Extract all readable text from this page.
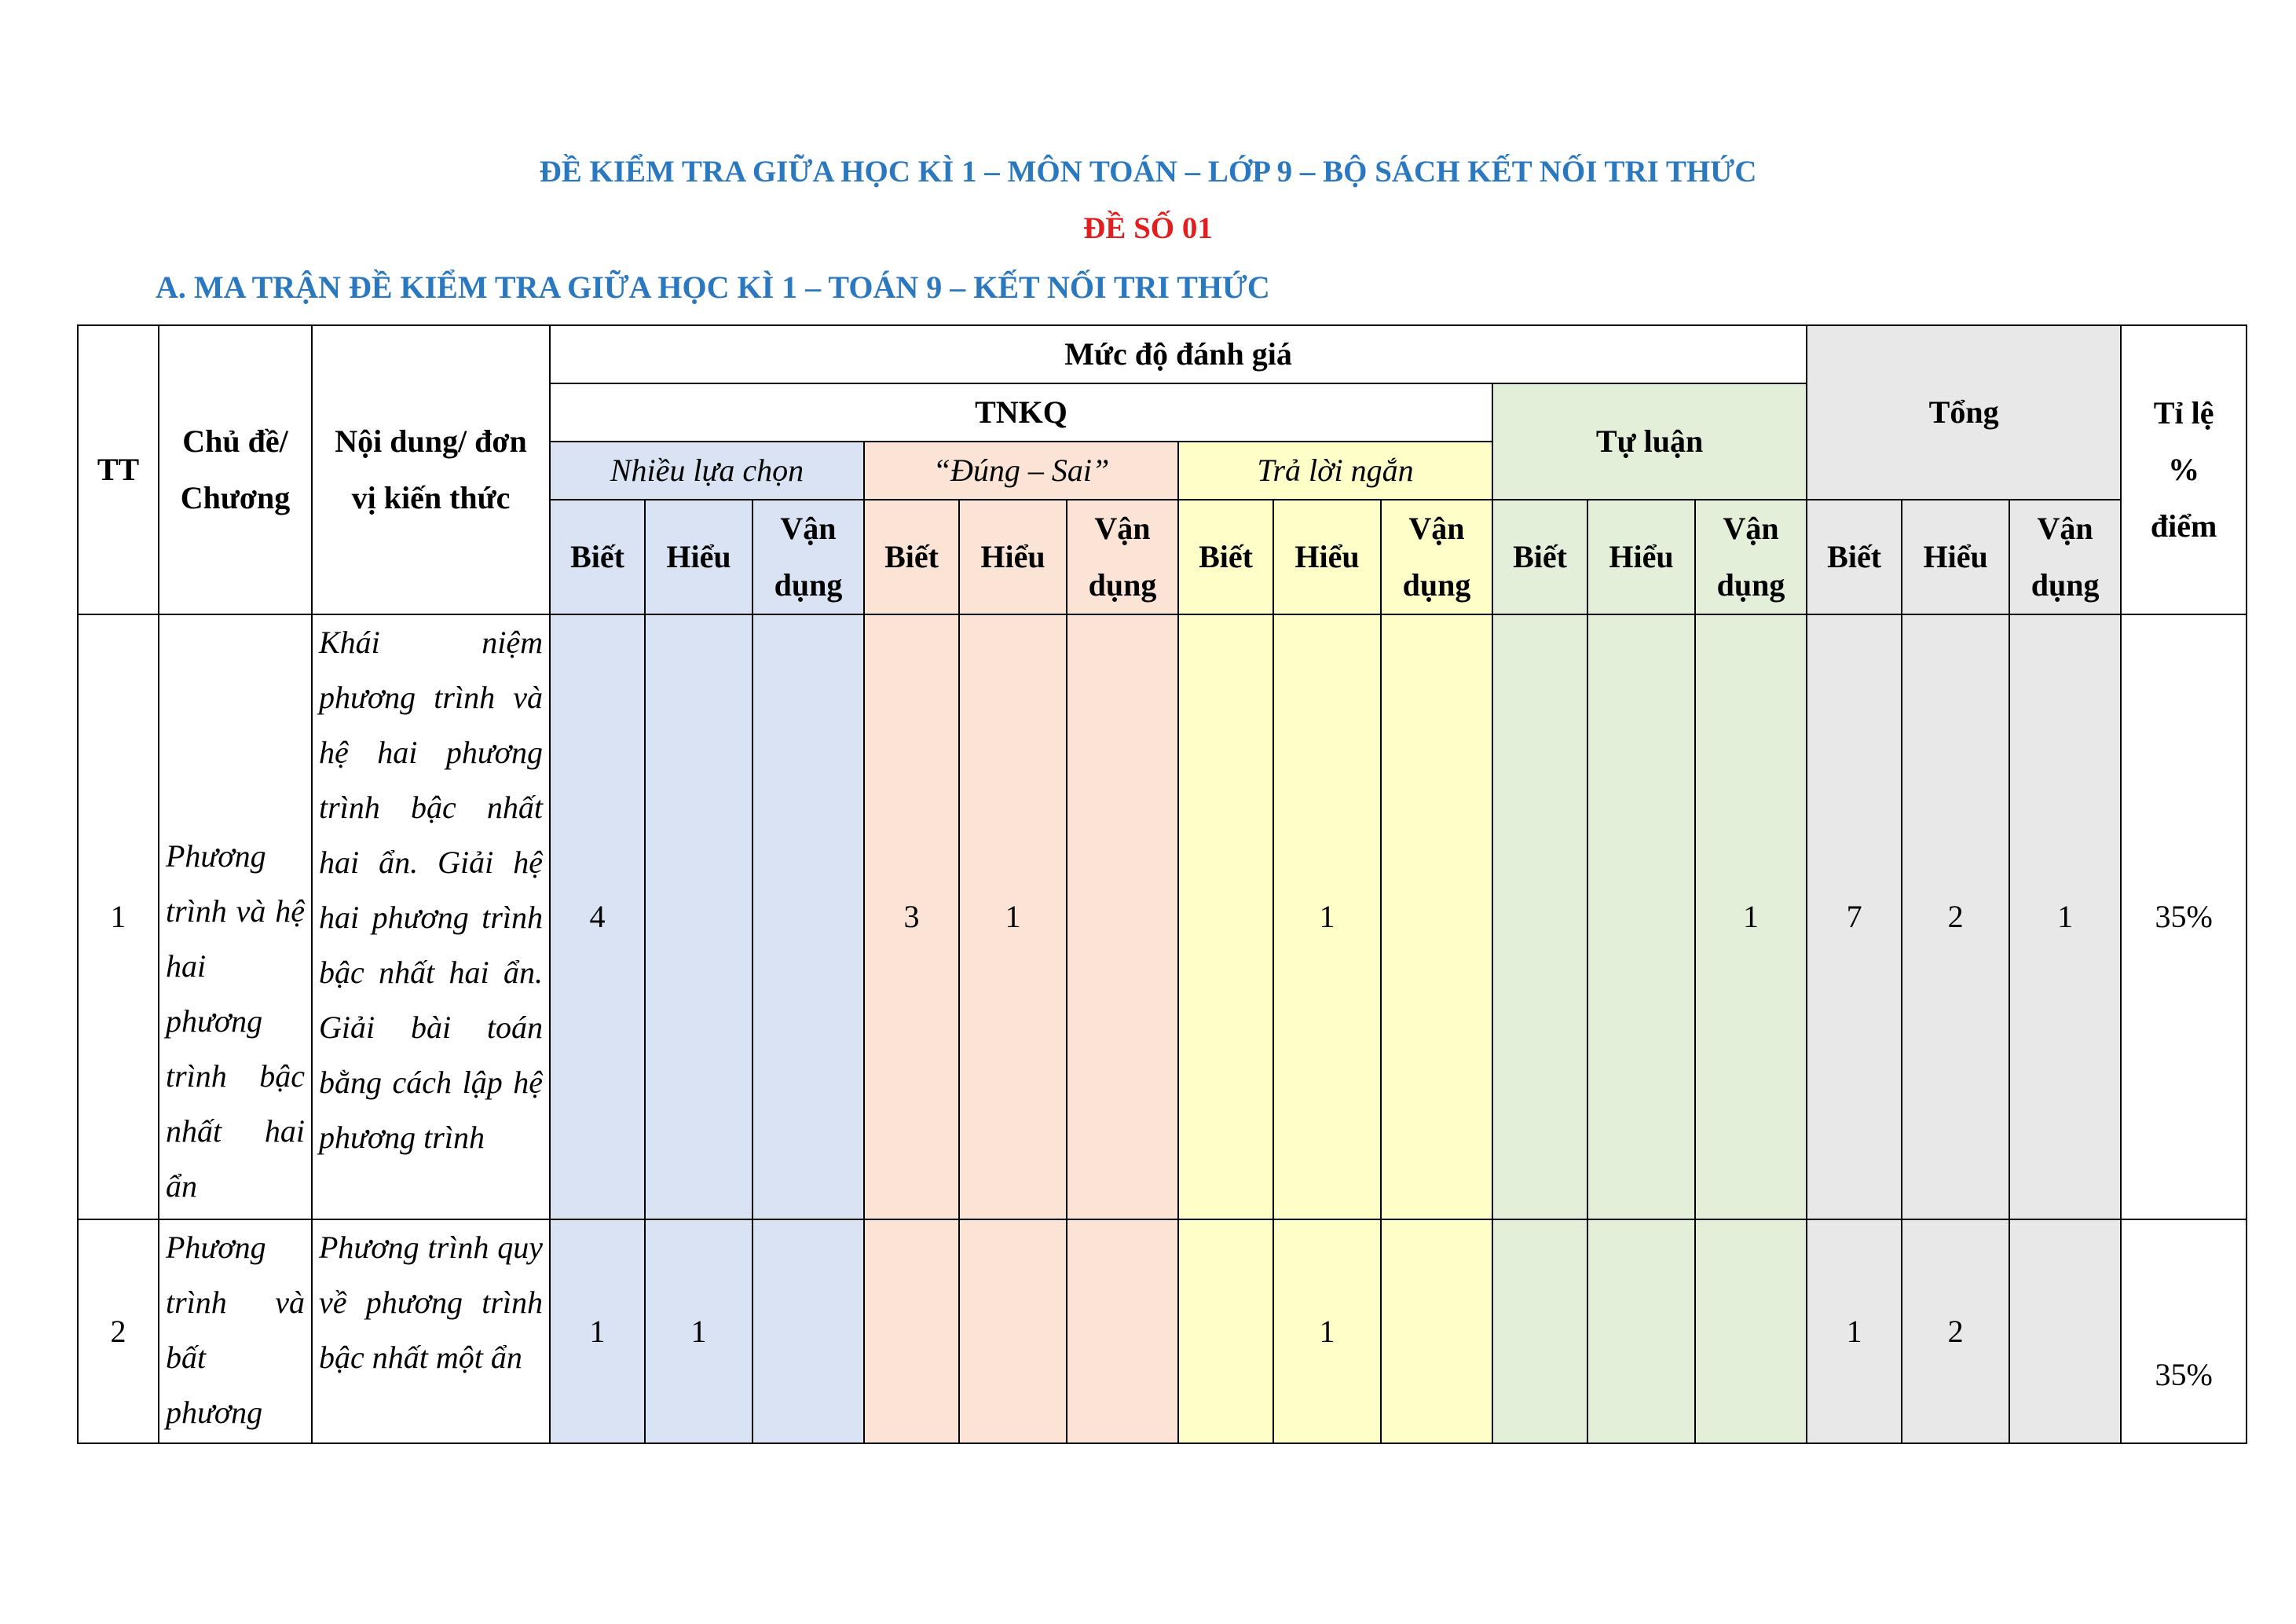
ĐỀ KIỂM TRA GIỮA HỌC KÌ 1 – MÔN TOÁN – LỚP 9 – BỘ SÁCH KẾT NỐI TRI THỨC
ĐỀ SỐ 01
A. MA TRẬN ĐỀ KIỂM TRA GIỮA HỌC KÌ 1 – TOÁN 9 – KẾT NỐI TRI THỨC
TT	Chủ đề/ Chương	Nội dung/ đơn vị kiến thức	Mức độ đánh giá												Tổng			Tỉ lệ % điểm
			TNKQ									Tự luận						
			Nhiều lựa chọn			“Đúng – Sai”			Trả lời ngắn									
			Biết	Hiểu	Vận dụng	Biết	Hiểu	Vận dụng	Biết	Hiểu	Vận dụng	Biết	Hiểu	Vận dụng	Biết	Hiểu	Vận dụng	
1	Phương trình và hệ hai phương trình bậc nhất hai ẩn	Khái niệm phương trình và hệ hai phương trình bậc nhất hai ẩn. Giải hệ hai phương trình bậc nhất hai ẩn. Giải bài toán bằng cách lập hệ phương trình	4			3	1			1				1	7	2	1	35%
2	Phương trình và bất phương	Phương trình quy về phương trình bậc nhất một ẩn	1	1						1					1	2		35%
